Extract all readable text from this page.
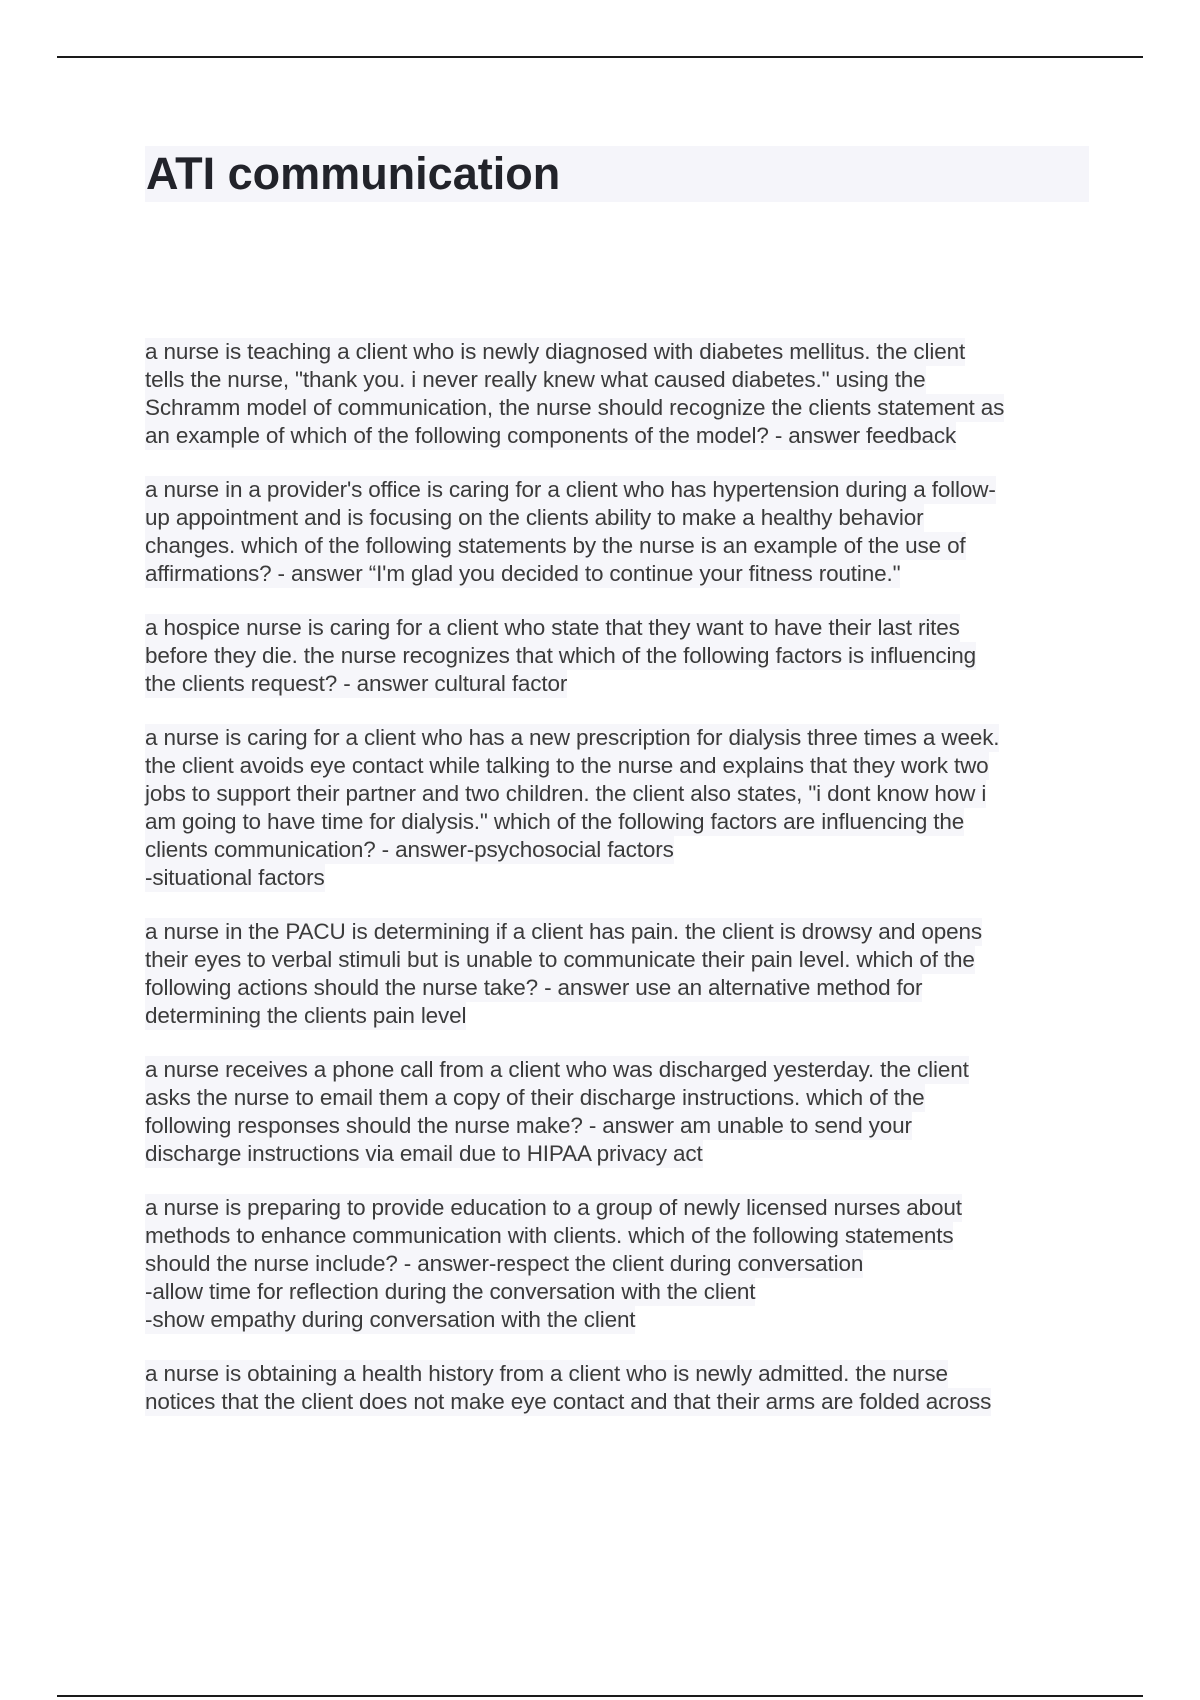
ATI communication
a nurse is teaching a client who is newly diagnosed with diabetes mellitus. the client
tells the nurse, "thank you. i never really knew what caused diabetes." using the
Schramm model of communication, the nurse should recognize the clients statement as
an example of which of the following components of the model? - answer feedback
a nurse in a provider's office is caring for a client who has hypertension during a follow-
up appointment and is focusing on the clients ability to make a healthy behavior
changes. which of the following statements by the nurse is an example of the use of
affirmations? - answer “I'm glad you decided to continue your fitness routine."
a hospice nurse is caring for a client who state that they want to have their last rites
before they die. the nurse recognizes that which of the following factors is influencing
the clients request? - answer cultural factor
a nurse is caring for a client who has a new prescription for dialysis three times a week.
the client avoids eye contact while talking to the nurse and explains that they work two
jobs to support their partner and two children. the client also states, "i dont know how i
am going to have time for dialysis." which of the following factors are influencing the
clients communication? - answer-psychosocial factors
-situational factors
a nurse in the PACU is determining if a client has pain. the client is drowsy and opens
their eyes to verbal stimuli but is unable to communicate their pain level. which of the
following actions should the nurse take? - answer use an alternative method for
determining the clients pain level
a nurse receives a phone call from a client who was discharged yesterday. the client
asks the nurse to email them a copy of their discharge instructions. which of the
following responses should the nurse make? - answer am unable to send your
discharge instructions via email due to HIPAA privacy act
a nurse is preparing to provide education to a group of newly licensed nurses about
methods to enhance communication with clients. which of the following statements
should the nurse include? - answer-respect the client during conversation
-allow time for reflection during the conversation with the client
-show empathy during conversation with the client
a nurse is obtaining a health history from a client who is newly admitted. the nurse
notices that the client does not make eye contact and that their arms are folded across
